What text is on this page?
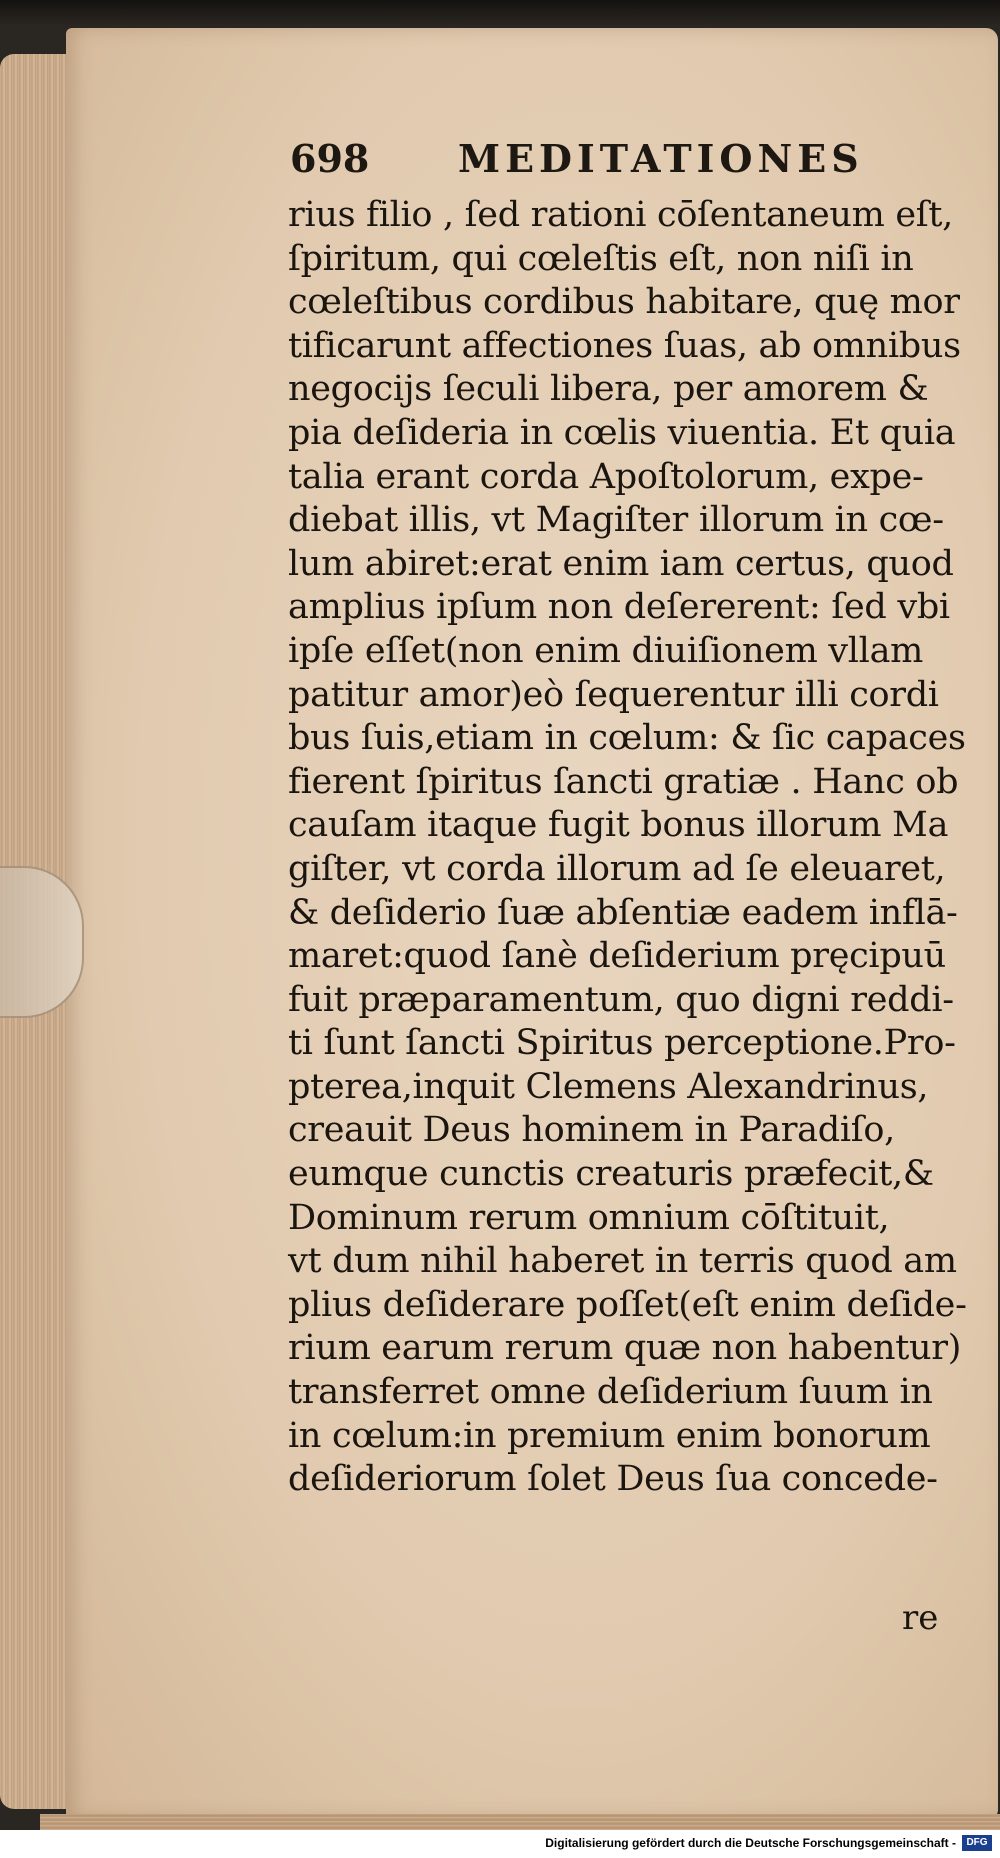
698 MEDITATIONES
rius filio , ſed rationi cōſentaneum eſt,
ſpiritum, qui cœleſtis eſt, non niſi in
cœleſtibus cordibus habitare, quę mor
tificarunt affectiones ſuas, ab omnibus
negocijs ſeculi libera, per amorem &
pia deſideria in cœlis viuentia. Et quia
talia erant corda Apoſtolorum, expe-
diebat illis, vt Magiſter illorum in cœ-
lum abiret:erat enim iam certus, quod
amplius ipſum non deſererent: ſed vbi
ipſe eſſet(non enim diuiſionem vllam
patitur amor)eò ſequerentur illi cordi
bus ſuis,etiam in cœlum: & ſic capaces
fierent ſpiritus ſancti gratiæ . Hanc ob
cauſam itaque fugit bonus illorum Ma
giſter, vt corda illorum ad ſe eleuaret,
& deſiderio ſuæ abſentiæ eadem inflā-
maret:quod ſanè deſiderium pręcipuū
fuit præparamentum, quo digni reddi-
ti ſunt ſancti Spiritus perceptione.Pro-
pterea,inquit Clemens Alexandrinus,
creauit Deus hominem in Paradiſo,
eumque cunctis creaturis præfecit,&
Dominum rerum omnium cōſtituit,
vt dum nihil haberet in terris quod am
plius deſiderare poſſet(eſt enim deſide-
rium earum rerum quæ non habentur)
transferret omne deſiderium ſuum in
in cœlum:in premium enim bonorum
deſideriorum ſolet Deus ſua concede-
re
Digitalisierung gefördert durch die Deutsche Forschungsgemeinschaft -	DFG
